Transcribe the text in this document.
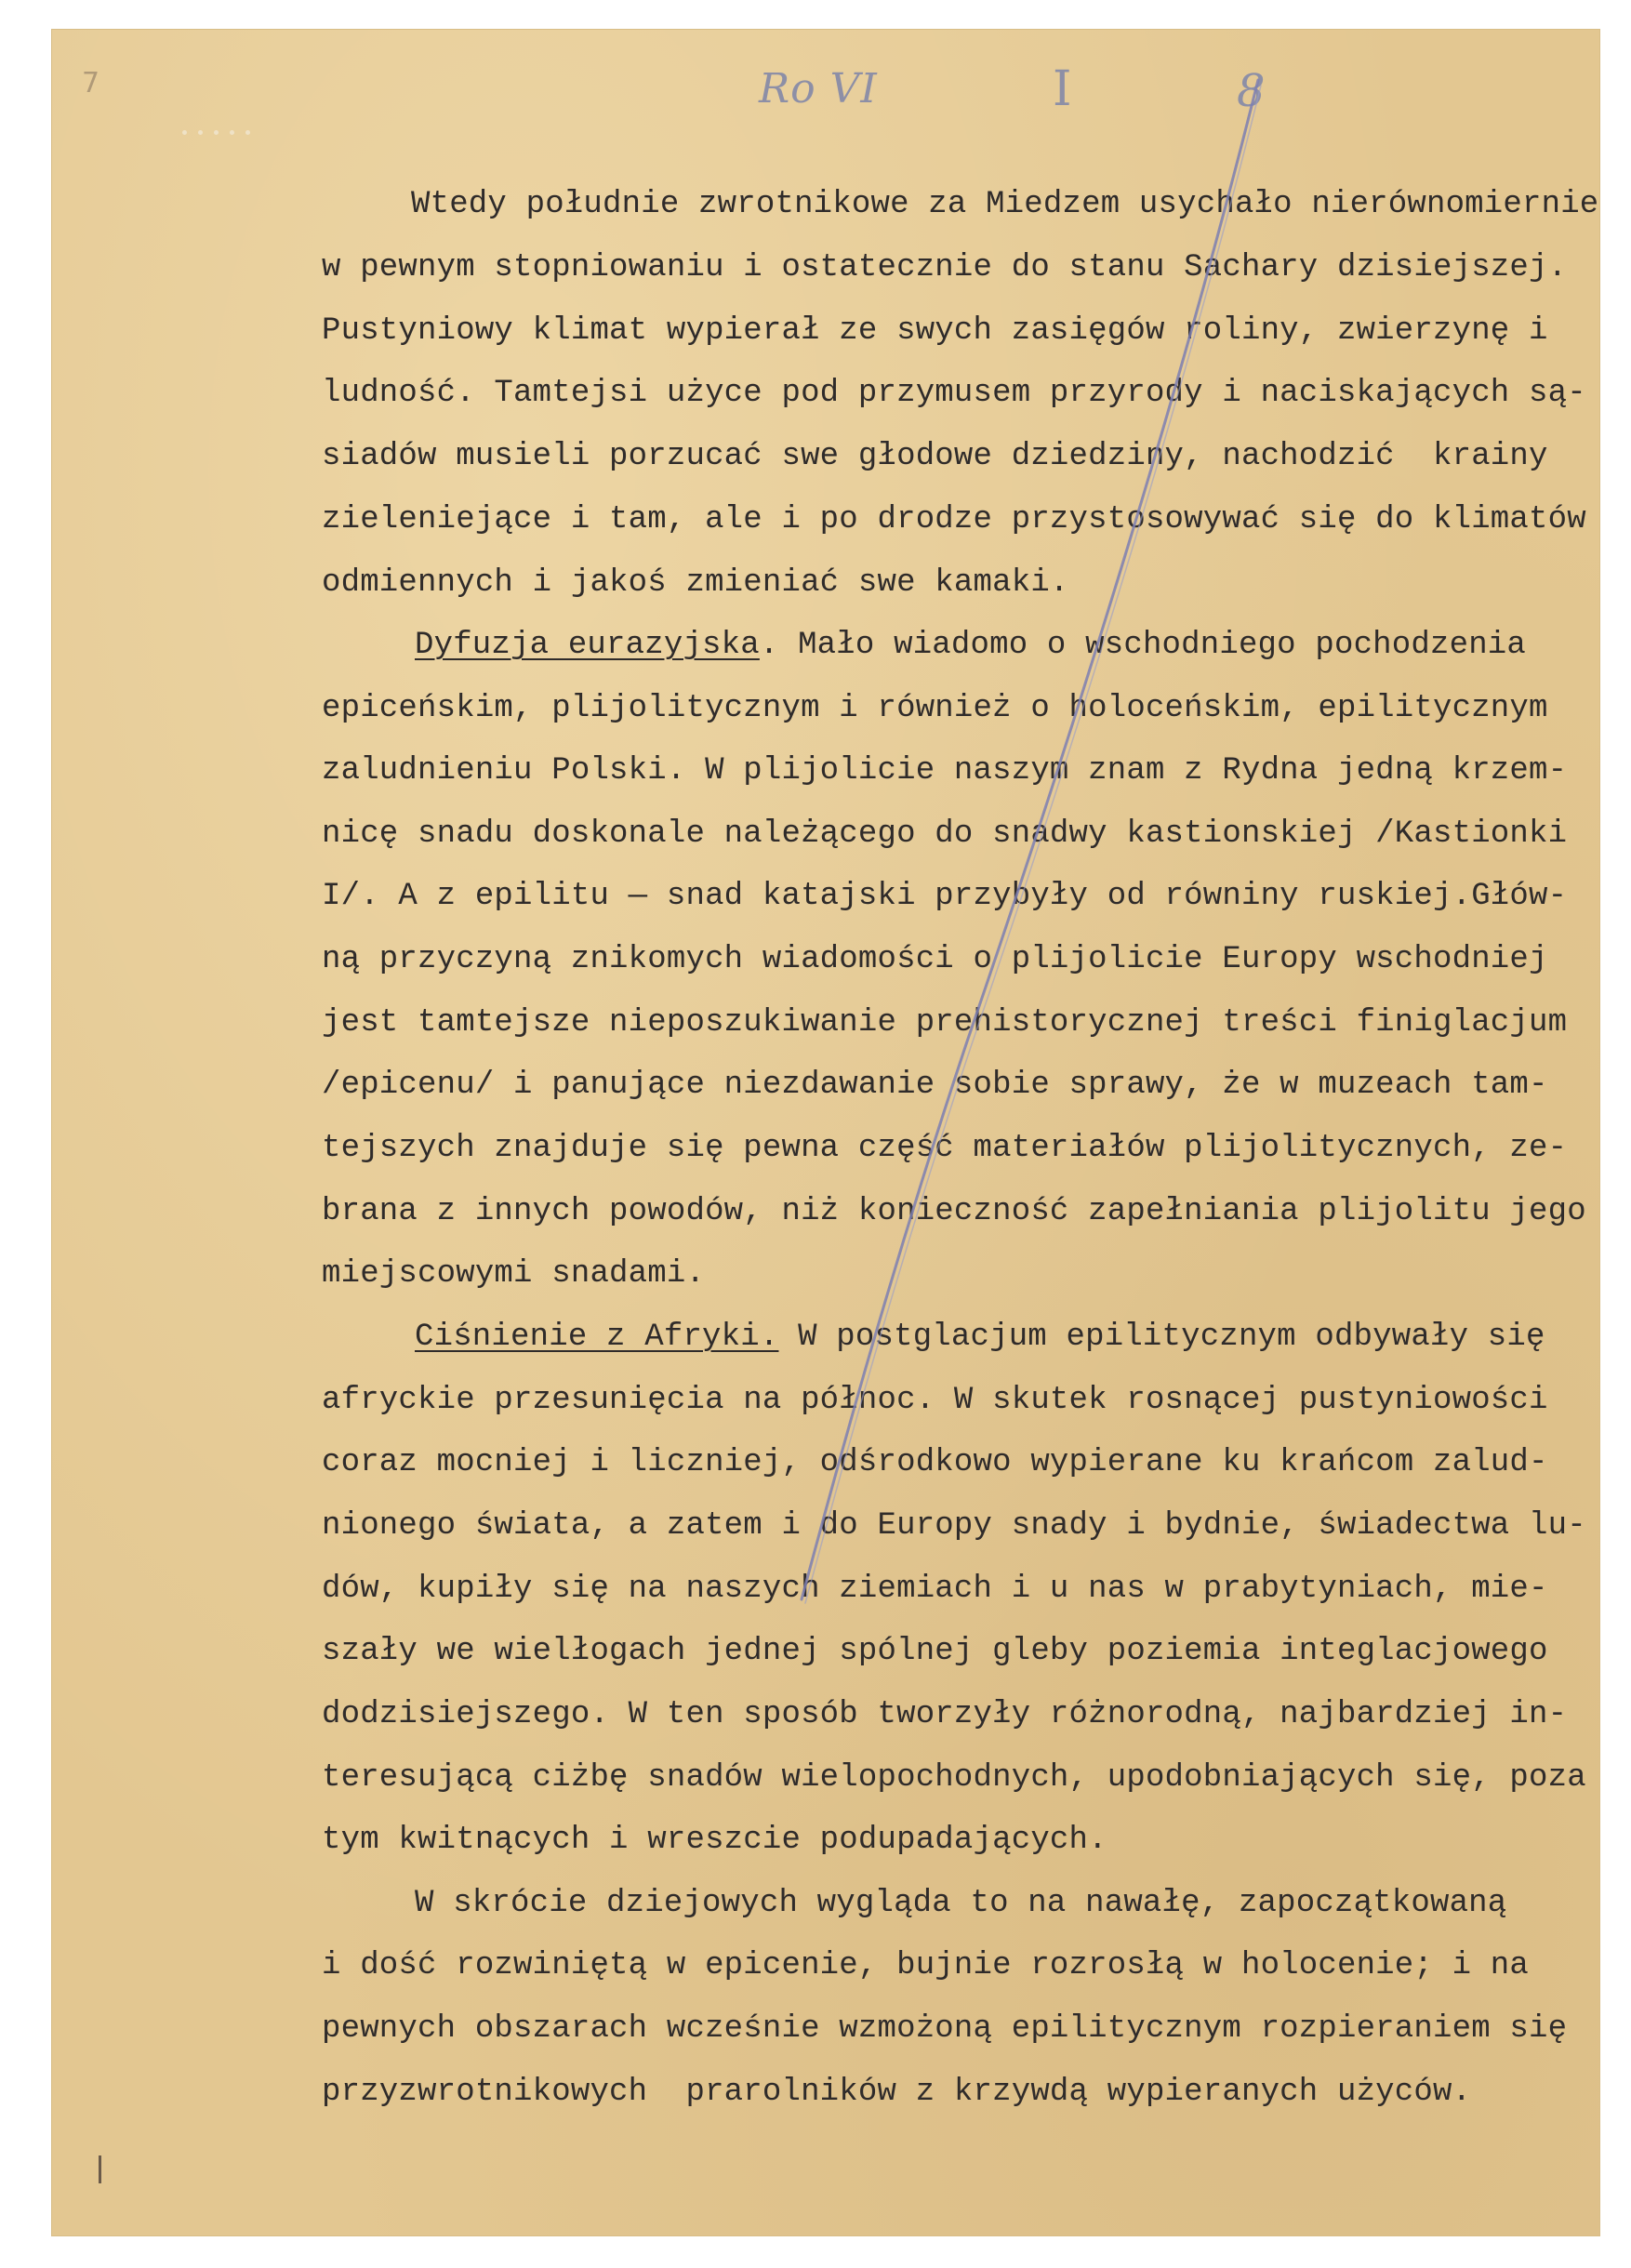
7	Ro VI	I	8
Wtedy południe zwrotnikowe za Miedzem usychało nierównomiernie
w pewnym stopniowaniu i ostatecznie do stanu Sachary dzisiejszej.
Pustyniowy klimat wypierał ze swych zasięgów roliny, zwierzynę i
ludność. Tamtejsi użyce pod przymusem przyrody i naciskających są-
siadów musieli porzucać swe głodowe dziedziny, nachodzić  krainy
zieleniejące i tam, ale i po drodze przystosowywać się do klimatów
odmiennych i jakoś zmieniać swe kamaki.
Dyfuzja eurazyjska. Mało wiadomo o wschodniego pochodzenia
epiceńskim, plijolitycznym i również o holoceńskim, epilitycznym
zaludnieniu Polski. W plijolicie naszym znam z Rydna jedną krzem-
nicę snadu doskonale należącego do snadwy kastionskiej /Kastionki
I/. A z epilitu — snad katajski przybyły od równiny ruskiej.Głów-
ną przyczyną znikomych wiadomości o plijolicie Europy wschodniej
jest tamtejsze nieposzukiwanie prehistorycznej treści finiglacjum
/epicenu/ i panujące niezdawanie sobie sprawy, że w muzeach tam-
tejszych znajduje się pewna część materiałów plijolitycznych, ze-
brana z innych powodów, niż konieczność zapełniania plijolitu jego
miejscowymi snadami.
Ciśnienie z Afryki. W postglacjum epilitycznym odbywały się
afryckie przesunięcia na północ. W skutek rosnącej pustyniowości
coraz mocniej i liczniej, odśrodkowo wypierane ku krańcom zalud-
nionego świata, a zatem i do Europy snady i bydnie, świadectwa lu-
dów, kupiły się na naszych ziemiach i u nas w prabytyniach, mie-
szały we wielłogach jednej spólnej gleby poziemia integlacjowego
dodzisiejszego. W ten sposób tworzyły różnorodną, najbardziej in-
teresującą ciżbę snadów wielopochodnych, upodobniających się, poza
tym kwitnących i wreszcie podupadających.
W skrócie dziejowych wygląda to na nawałę, zapoczątkowaną
i dość rozwiniętą w epicenie, bujnie rozrosłą w holocenie; i na
pewnych obszarach wcześnie wzmożoną epilitycznym rozpieraniem się
przyzwrotnikowych  prarolników z krzywdą wypieranych użyców.
